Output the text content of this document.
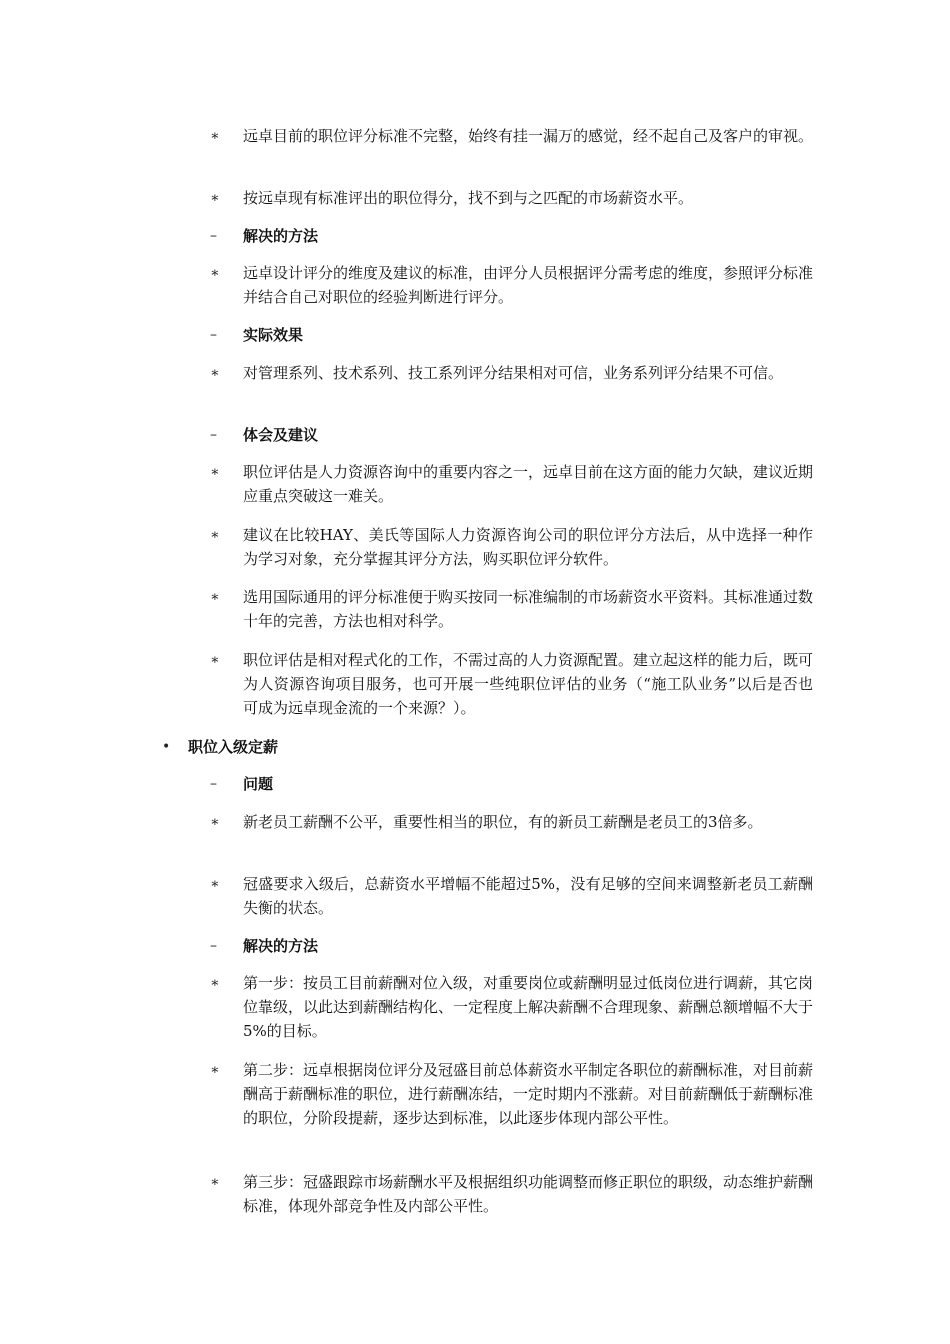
∗ 远卓目前的职位评分标准不完整，始终有挂一漏万的感觉，经不起自己及客户的审视。
∗ 按远卓现有标准评出的职位得分，找不到与之匹配的市场薪资水平。
– 解决的方法
∗ 远卓设计评分的维度及建议的标准，由评分人员根据评分需考虑的维度，参照评分标准并结合自己对职位的经验判断进行评分。
– 实际效果
∗ 对管理系列、技术系列、技工系列评分结果相对可信，业务系列评分结果不可信。
– 体会及建议
∗ 职位评估是人力资源咨询中的重要内容之一，远卓目前在这方面的能力欠缺，建议近期应重点突破这一难关。
∗ 建议在比较HAY、美氏等国际人力资源咨询公司的职位评分方法后，从中选择一种作为学习对象，充分掌握其评分方法，购买职位评分软件。
∗ 选用国际通用的评分标准便于购买按同一标准编制的市场薪资水平资料。其标准通过数十年的完善，方法也相对科学。
∗ 职位评估是相对程式化的工作，不需过高的人力资源配置。建立起这样的能力后，既可为人资源咨询项目服务，也可开展一些纯职位评估的业务（“施工队业务”以后是否也可成为远卓现金流的一个来源？）。
• 职位入级定薪
– 问题
∗ 新老员工薪酬不公平，重要性相当的职位，有的新员工薪酬是老员工的3倍多。
∗ 冠盛要求入级后，总薪资水平增幅不能超过5%，没有足够的空间来调整新老员工薪酬失衡的状态。
– 解决的方法
∗ 第一步：按员工目前薪酬对位入级，对重要岗位或薪酬明显过低岗位进行调薪，其它岗位靠级，以此达到薪酬结构化、一定程度上解决薪酬不合理现象、薪酬总额增幅不大于5%的目标。
∗ 第二步：远卓根据岗位评分及冠盛目前总体薪资水平制定各职位的薪酬标准，对目前薪酬高于薪酬标准的职位，进行薪酬冻结，一定时期内不涨薪。对目前薪酬低于薪酬标准的职位，分阶段提薪，逐步达到标准，以此逐步体现内部公平性。
∗ 第三步：冠盛跟踪市场薪酬水平及根据组织功能调整而修正职位的职级，动态维护薪酬标准，体现外部竞争性及内部公平性。
